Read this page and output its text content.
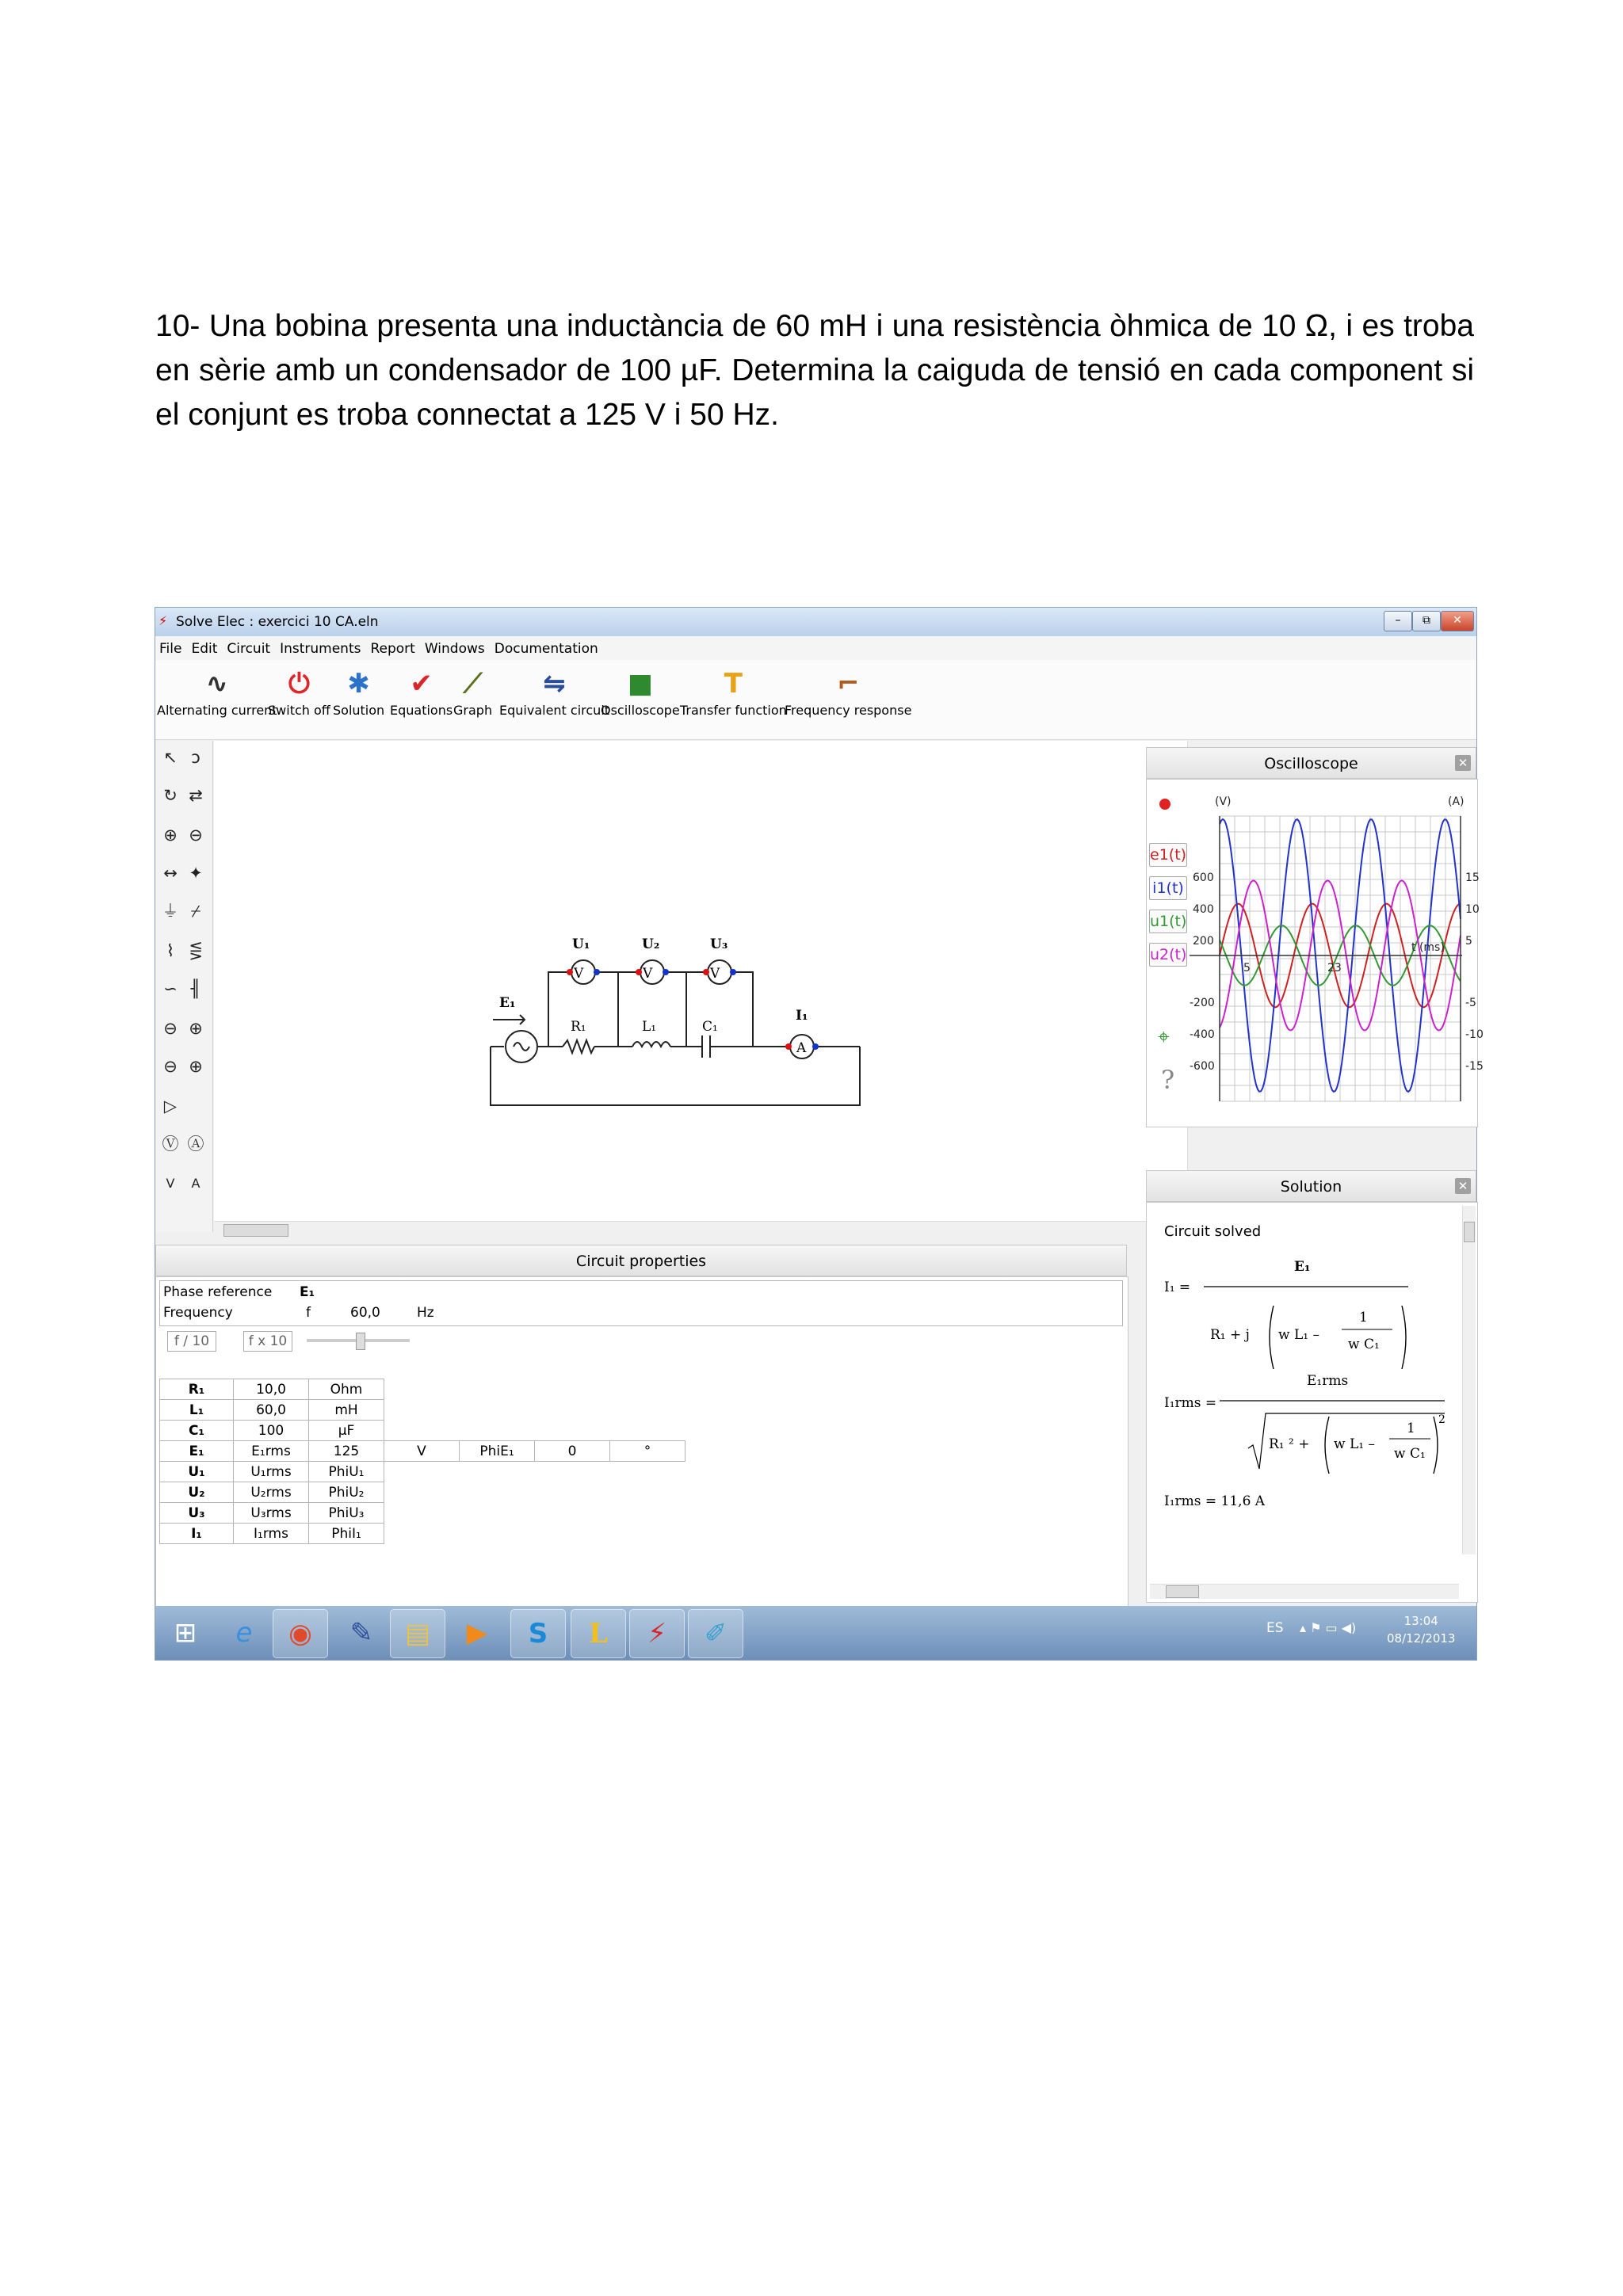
10- Una bobina presenta una inductància de 60 mH i una resistència òhmica de 10 Ω, i es troba en sèrie amb un condensador de 100 µF. Determina la caiguda de tensió en cada component si el conjunt es troba connectat a 125 V i 50 Hz.
⚡ Solve Elec : exercici 10 CA.eln	–	⧉	✕
File Edit Circuit Instruments Report Windows Documentation
∿
Alternating current
⏻
Switch off
✱
Solution
✔
Equations
⟋
Graph
⇋
Equivalent circuit
■
Oscilloscope
T
Transfer function
⌐
Frequency response
↖ ↄ
↻ ⇄
⊕ ⊖
↔ ✦
⏚ ⌿
⌇ ⋚
∽ ╢
⊖ ⊕
⊖ ⊕
▷
Ⓥ Ⓐ
V	A
V	V	V
A
U₁	U₂	U₃
E₁
R₁	L₁	C₁
I₁
Circuit properties
Phase reference E₁
Frequency	f	60,0	Hz
f / 10	f x 10
R₁	10,0	Ohm				
L₁	60,0	mH				
C₁	100	µF				
E₁	E₁rms	125	V	PhiE₁	0	°
U₁	U₁rms	PhiU₁				
U₂	U₂rms	PhiU₂				
U₃	U₃rms	PhiU₃				
I₁	I₁rms	PhiI₁				
Oscilloscope	✕
e1(t)
i1(t)
u1(t)
u2(t)
⌖
?
(V)	(A)
600
400
200
-200
-400
-600
15
10
5
-5
-10
-15
5	23
t (ms)
Solution	✕
Circuit solved
I₁ =
E₁
R₁ + j w L₁ –
1
w C₁
E₁rms
I₁rms =
R₁ ² + w L₁ –
1
w C₁
2
I₁rms = 11,6 A
⊞	e	◉	✎	▤	▶	S	L	⚡	✐	ES ▴ ⚑ ▭ ◀)	13:04
08/12/2013
